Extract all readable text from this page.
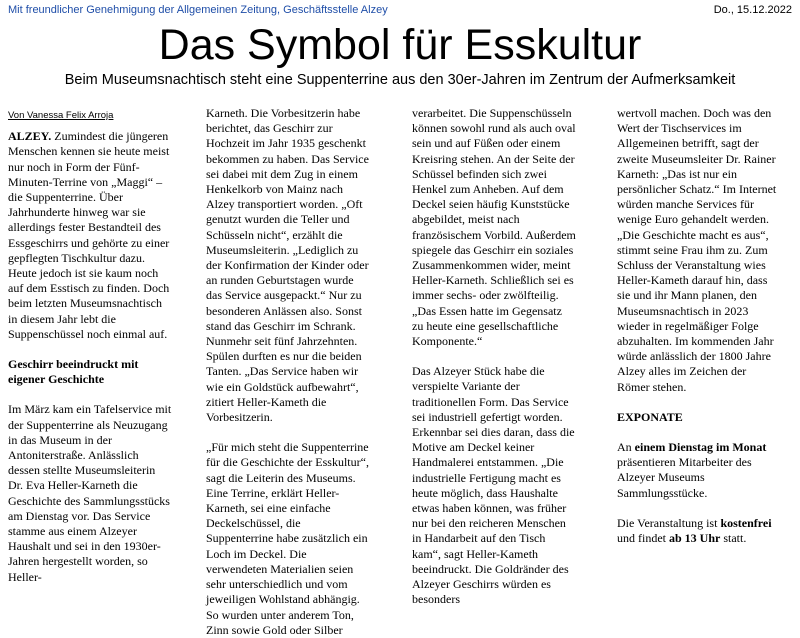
Mit freundlicher Genehmigung der Allgemeinen Zeitung, Geschäftsstelle Alzey	Do., 15.12.2022
Das Symbol für Esskultur
Beim Museumsnachtisch steht eine Suppenterrine aus den 30er-Jahren im Zentrum der Aufmerksamkeit
Von Vanessa Felix Arroja

ALZEY. Zumindest die jüngeren Menschen kennen sie heute meist nur noch in Form der Fünf-Minuten-Terrine von „Maggi“ – die Suppenterrine. Über Jahrhunderte hinweg war sie allerdings fester Bestandteil des Essgeschirrs und gehörte zu einer gepflegten Tischkultur dazu. Heute jedoch ist sie kaum noch auf dem Esstisch zu finden. Doch beim letzten Museumsnachtisch in diesem Jahr lebt die Suppenschüssel noch einmal auf.

Geschirr beeindruckt mit eigener Geschichte

Im März kam ein Tafelservice mit der Suppenterrine als Neuzugang in das Museum in der Antoniterstraße. Anlässlich dessen stellte Museumsleiterin Dr. Eva Heller-Karneth die Geschichte des Sammlungsstücks am Dienstag vor. Das Service stamme aus einem Alzeyer Haushalt und sei in den 1930er-Jahren hergestellt worden, so Heller-

Karneth. Die Vorbesitzerin habe berichtet, das Geschirr zur Hochzeit im Jahr 1935 geschenkt bekommen zu haben. Das Service sei dabei mit dem Zug in einem Henkelkorb von Mainz nach Alzey transportiert worden. „Oft genutzt wurden die Teller und Schüsseln nicht“, erzählt die Museumsleiterin. „Lediglich zu der Konfirmation der Kinder oder an runden Geburtstagen wurde das Service ausgepackt.“ Nur zu besonderen Anlässen also. Sonst stand das Geschirr im Schrank. Nunmehr seit fünf Jahrzehnten. Spülen durften es nur die beiden Tanten. „Das Service haben wir wie ein Goldstück aufbewahrt“, zitiert Heller-Kameth die Vorbesitzerin.

„Für mich steht die Suppenterrine für die Geschichte der Esskultur“, sagt die Leiterin des Museums. Eine Terrine, erklärt Heller-Karneth, sei eine einfache Deckelschüssel, die Suppenterrine habe zusätzlich ein Loch im Deckel. Die verwendeten Materialien seien sehr unterschiedlich und vom jeweiligen Wohlstand abhängig. So wurden unter anderem Ton, Zinn sowie Gold oder Silber

verarbeitet. Die Suppenschüsseln können sowohl rund als auch oval sein und auf Füßen oder einem Kreisring stehen. An der Seite der Schüssel befinden sich zwei Henkel zum Anheben. Auf dem Deckel seien häufig Kunststücke abgebildet, meist nach französischem Vorbild. Außerdem spiegele das Geschirr ein soziales Zusammenkommen wider, meint Heller-Karneth. Schließlich sei es immer sechs- oder zwölfteilig. „Das Essen hatte im Gegensatz zu heute eine gesellschaftliche Komponente.“

Das Alzeyer Stück habe die verspielte Variante der traditionellen Form. Das Service sei industriell gefertigt worden. Erkennbar sei dies daran, dass die Motive am Deckel keiner Handmalerei entstammen. „Die industrielle Fertigung macht es heute möglich, dass Haushalte etwas haben können, was früher nur bei den reicheren Menschen in Handarbeit auf den Tisch kam“, sagt Heller-Kameth beeindruckt. Die Goldränder des Alzeyer Geschirrs würden es besonders

wertvoll machen. Doch was den Wert der Tischservices im Allgemeinen betrifft, sagt der zweite Museumsleiter Dr. Rainer Karneth: „Das ist nur ein persönlicher Schatz.“ Im Internet würden manche Services für wenige Euro gehandelt werden. „Die Geschichte macht es aus“, stimmt seine Frau ihm zu. Zum Schluss der Veranstaltung wies Heller-Kameth darauf hin, dass sie und ihr Mann planen, den Museumsnachtisch in 2023 wieder in regelmäßiger Folge abzuhalten. Im kommenden Jahr würde anlässlich der 1800 Jahre Alzey alles im Zeichen der Römer stehen.

EXPONATE

An einem Dienstag im Monat präsentieren Mitarbeiter des Alzeyer Museums Sammlungsstücke.

Die Veranstaltung ist kostenfrei und findet ab 13 Uhr statt.
